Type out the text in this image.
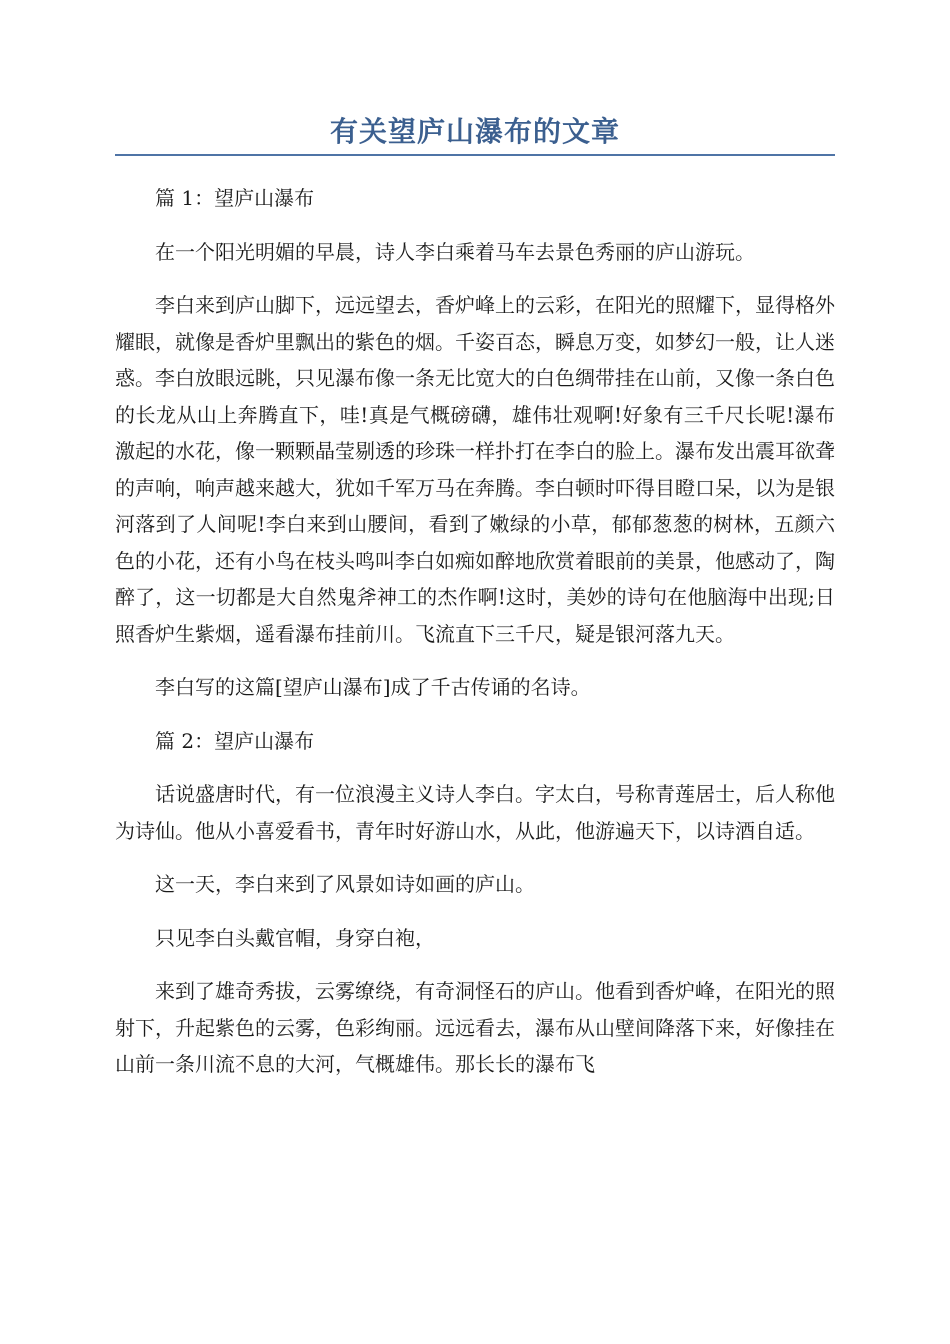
有关望庐山瀑布的文章

篇 1：望庐山瀑布

在一个阳光明媚的早晨，诗人李白乘着马车去景色秀丽的庐山游玩。

李白来到庐山脚下，远远望去，香炉峰上的云彩，在阳光的照耀下，显得格外耀眼，就像是香炉里飘出的紫色的烟。千姿百态，瞬息万变，如梦幻一般，让人迷惑。李白放眼远眺，只见瀑布像一条无比宽大的白色绸带挂在山前，又像一条白色的长龙从山上奔腾直下，哇!真是气概磅礴，雄伟壮观啊!好象有三千尺长呢!瀑布激起的水花，像一颗颗晶莹剔透的珍珠一样扑打在李白的脸上。瀑布发出震耳欲聋的声响，响声越来越大，犹如千军万马在奔腾。李白顿时吓得目瞪口呆，以为是银河落到了人间呢!李白来到山腰间，看到了嫩绿的小草，郁郁葱葱的树林，五颜六色的小花，还有小鸟在枝头鸣叫李白如痴如醉地欣赏着眼前的美景，他感动了，陶醉了，这一切都是大自然鬼斧神工的杰作啊!这时，美妙的诗句在他脑海中出现;日照香炉生紫烟，遥看瀑布挂前川。飞流直下三千尺，疑是银河落九天。

李白写的这篇[望庐山瀑布]成了千古传诵的名诗。

篇 2：望庐山瀑布

话说盛唐时代，有一位浪漫主义诗人李白。字太白，号称青莲居士，后人称他为诗仙。他从小喜爱看书，青年时好游山水，从此，他游遍天下，以诗酒自适。

这一天，李白来到了风景如诗如画的庐山。

只见李白头戴官帽，身穿白袍，

来到了雄奇秀拔，云雾缭绕，有奇洞怪石的庐山。他看到香炉峰，在阳光的照射下，升起紫色的云雾，色彩绚丽。远远看去，瀑布从山壁间降落下来，好像挂在山前一条川流不息的大河，气概雄伟。那长长的瀑布飞
